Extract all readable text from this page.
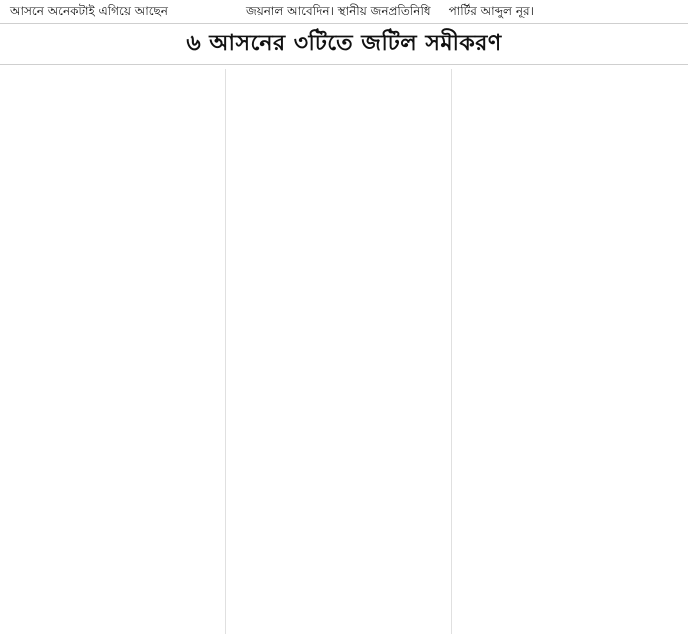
আসনে অনেকটাই এগিয়ে আছেন	জয়নাল আবেদিন। স্থানীয় জনপ্রতিনিধি পার্টির আব্দুল নূর।
৬ আসনের ৩টিতে জটিল সমীকরণ
